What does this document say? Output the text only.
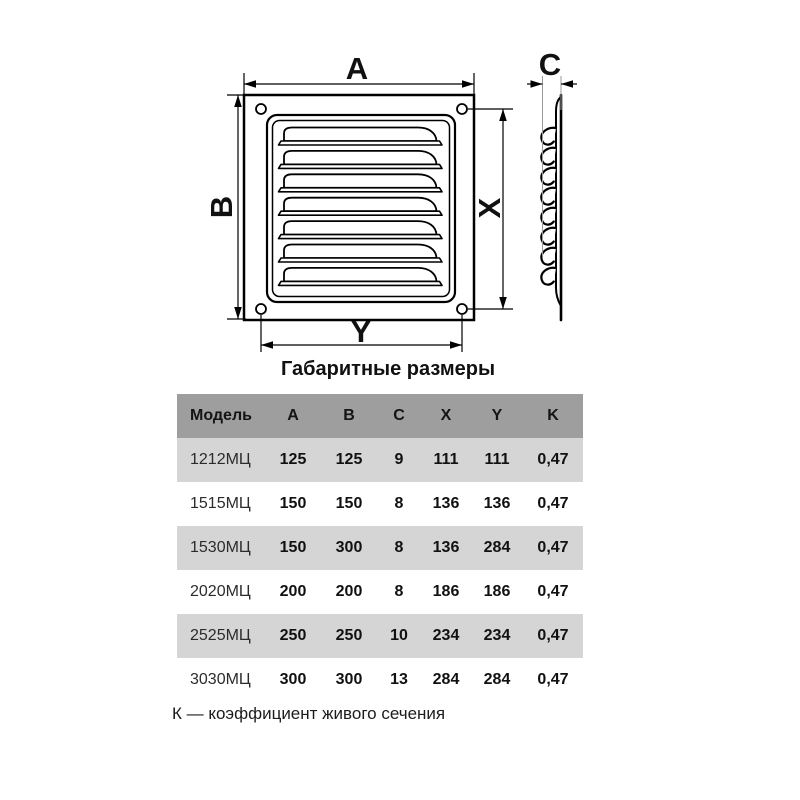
A
B	X
Y
C
Габаритные размеры
Модель	A	B	C	X	Y	K
1212МЦ	125	125	9	111	111	0,47
1515МЦ	150	150	8	136	136	0,47
1530МЦ	150	300	8	136	284	0,47
2020МЦ	200	200	8	186	186	0,47
2525МЦ	250	250	10	234	234	0,47
3030МЦ	300	300	13	284	284	0,47
К — коэффициент живого сечения
